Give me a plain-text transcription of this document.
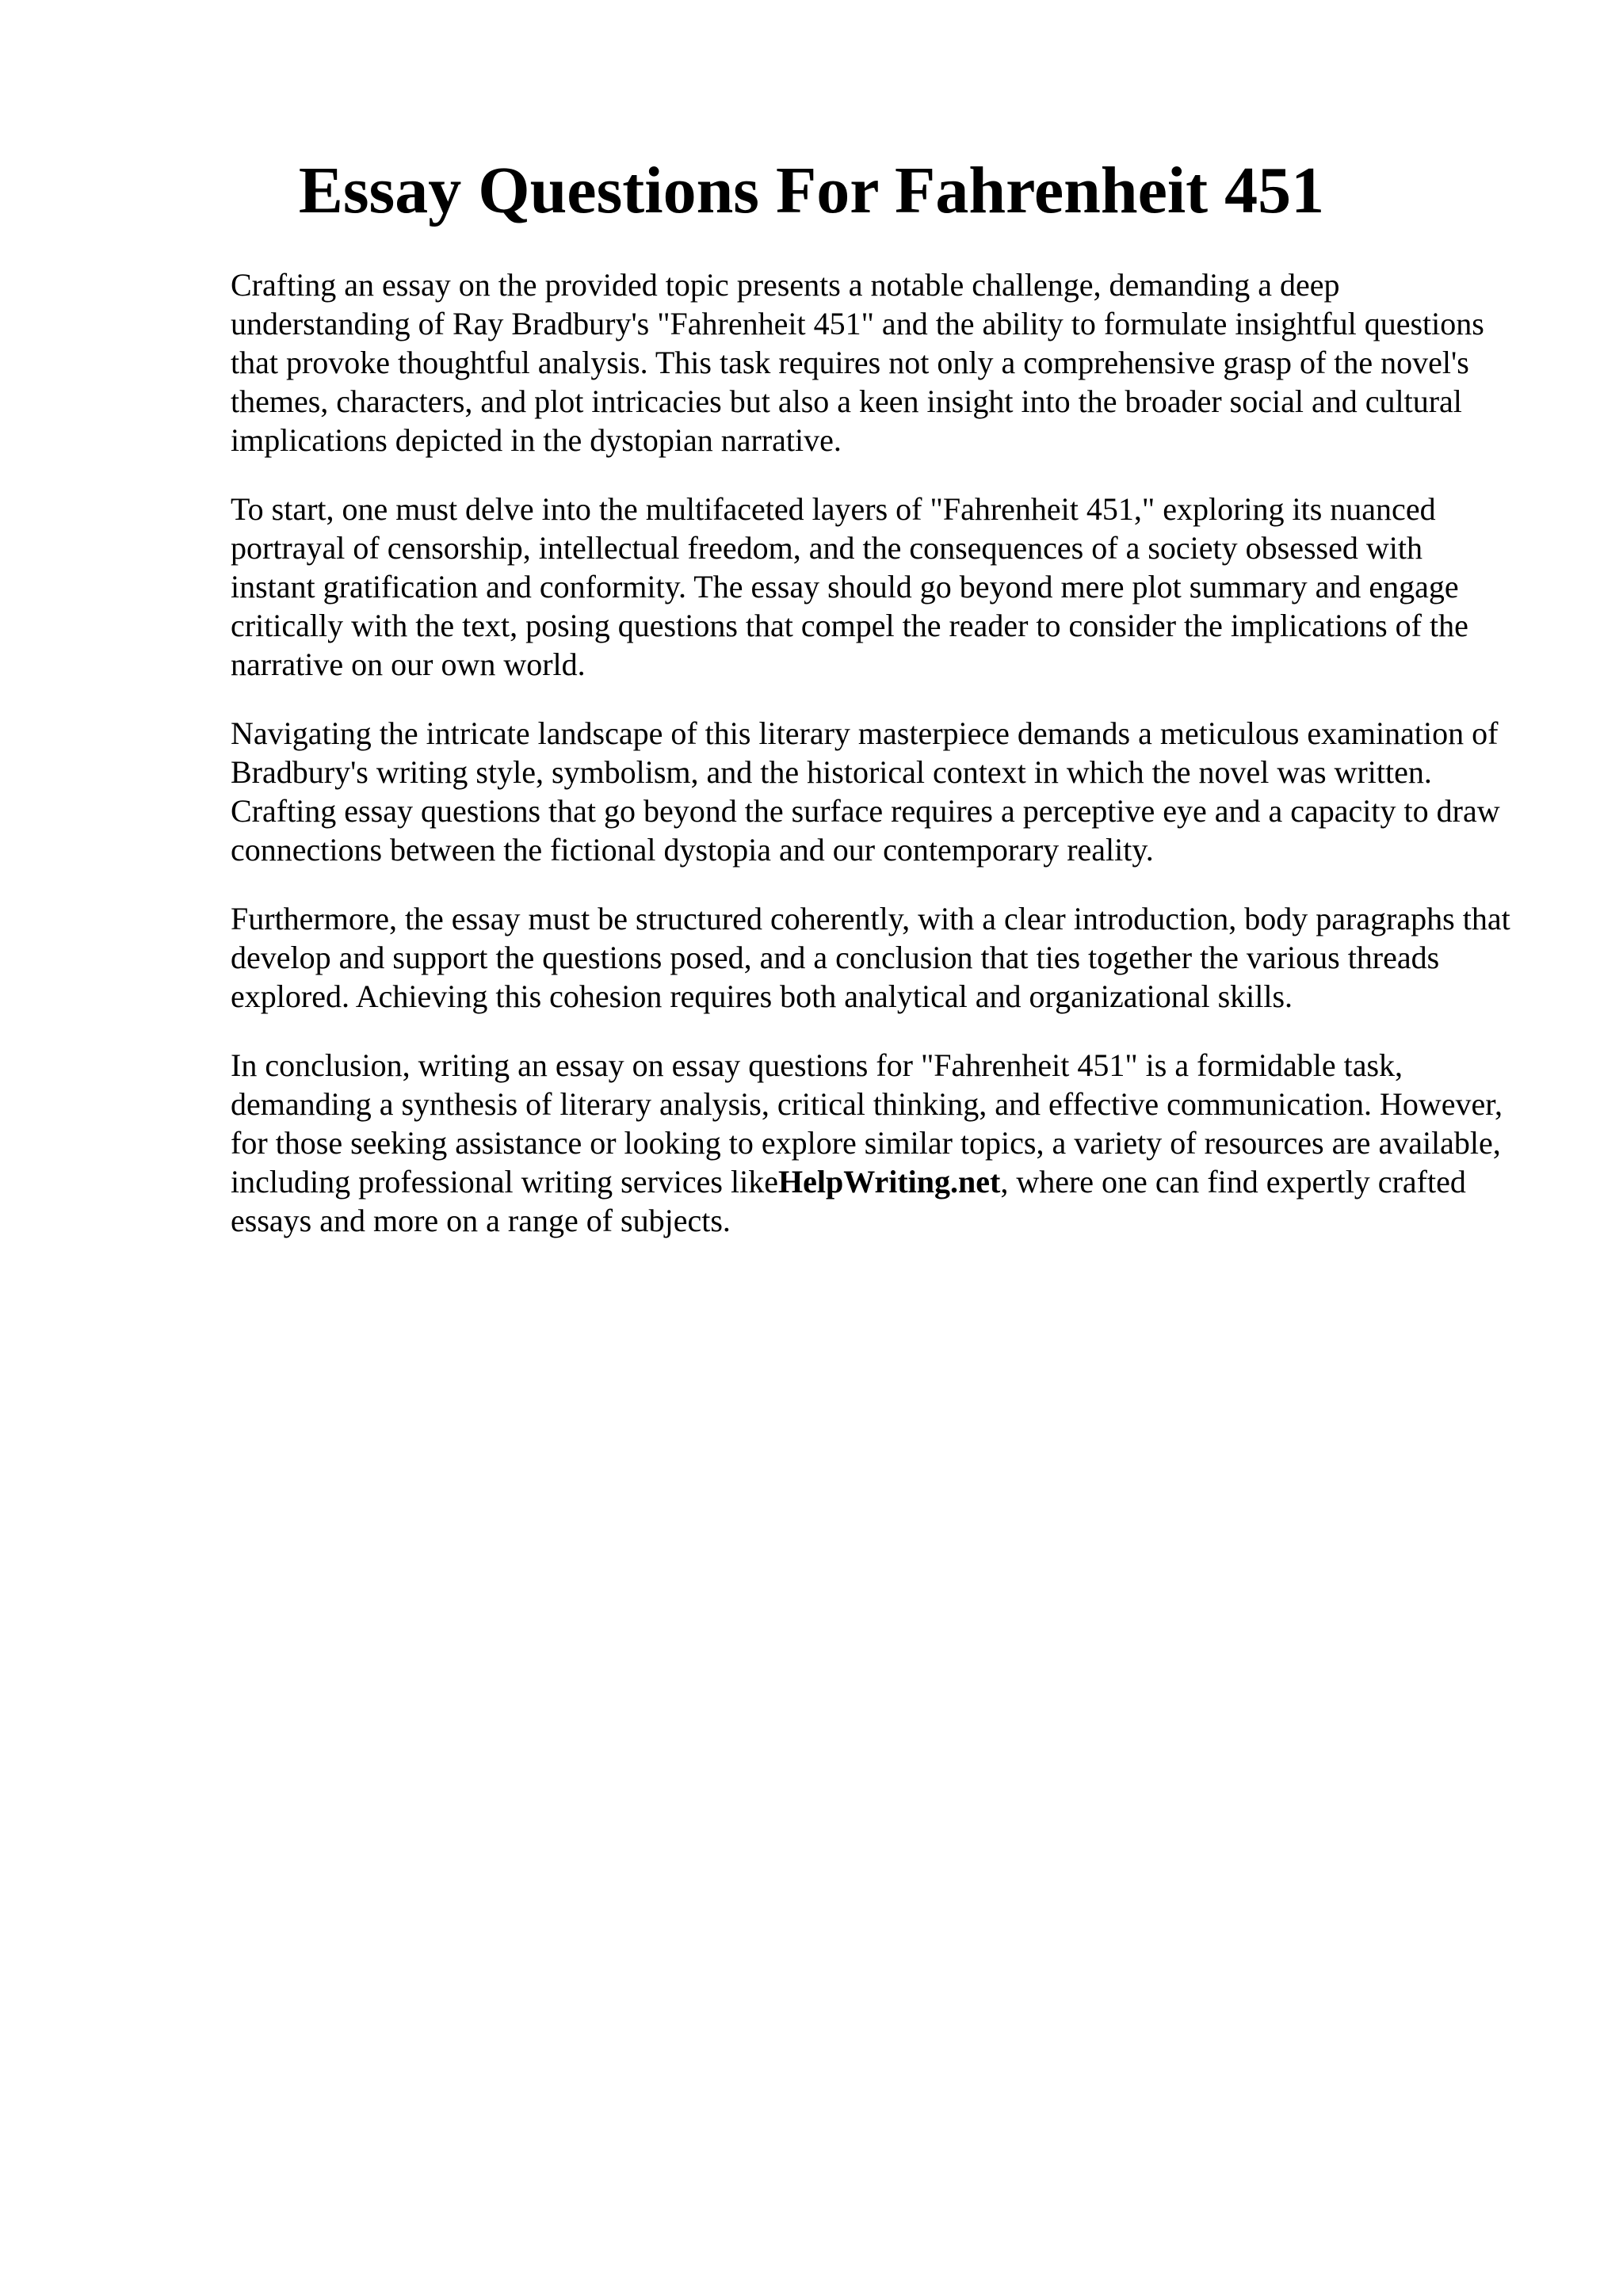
Essay Questions For Fahrenheit 451

Crafting an essay on the provided topic presents a notable challenge, demanding a deep understanding of Ray Bradbury's "Fahrenheit 451" and the ability to formulate insightful questions that provoke thoughtful analysis. This task requires not only a comprehensive grasp of the novel's themes, characters, and plot intricacies but also a keen insight into the broader social and cultural implications depicted in the dystopian narrative.

To start, one must delve into the multifaceted layers of "Fahrenheit 451," exploring its nuanced portrayal of censorship, intellectual freedom, and the consequences of a society obsessed with instant gratification and conformity. The essay should go beyond mere plot summary and engage critically with the text, posing questions that compel the reader to consider the implications of the narrative on our own world.

Navigating the intricate landscape of this literary masterpiece demands a meticulous examination of Bradbury's writing style, symbolism, and the historical context in which the novel was written. Crafting essay questions that go beyond the surface requires a perceptive eye and a capacity to draw connections between the fictional dystopia and our contemporary reality.

Furthermore, the essay must be structured coherently, with a clear introduction, body paragraphs that develop and support the questions posed, and a conclusion that ties together the various threads explored. Achieving this cohesion requires both analytical and organizational skills.

In conclusion, writing an essay on essay questions for "Fahrenheit 451" is a formidable task, demanding a synthesis of literary analysis, critical thinking, and effective communication. However, for those seeking assistance or looking to explore similar topics, a variety of resources are available, including professional writing services likeHelpWriting.net, where one can find expertly crafted essays and more on a range of subjects.
